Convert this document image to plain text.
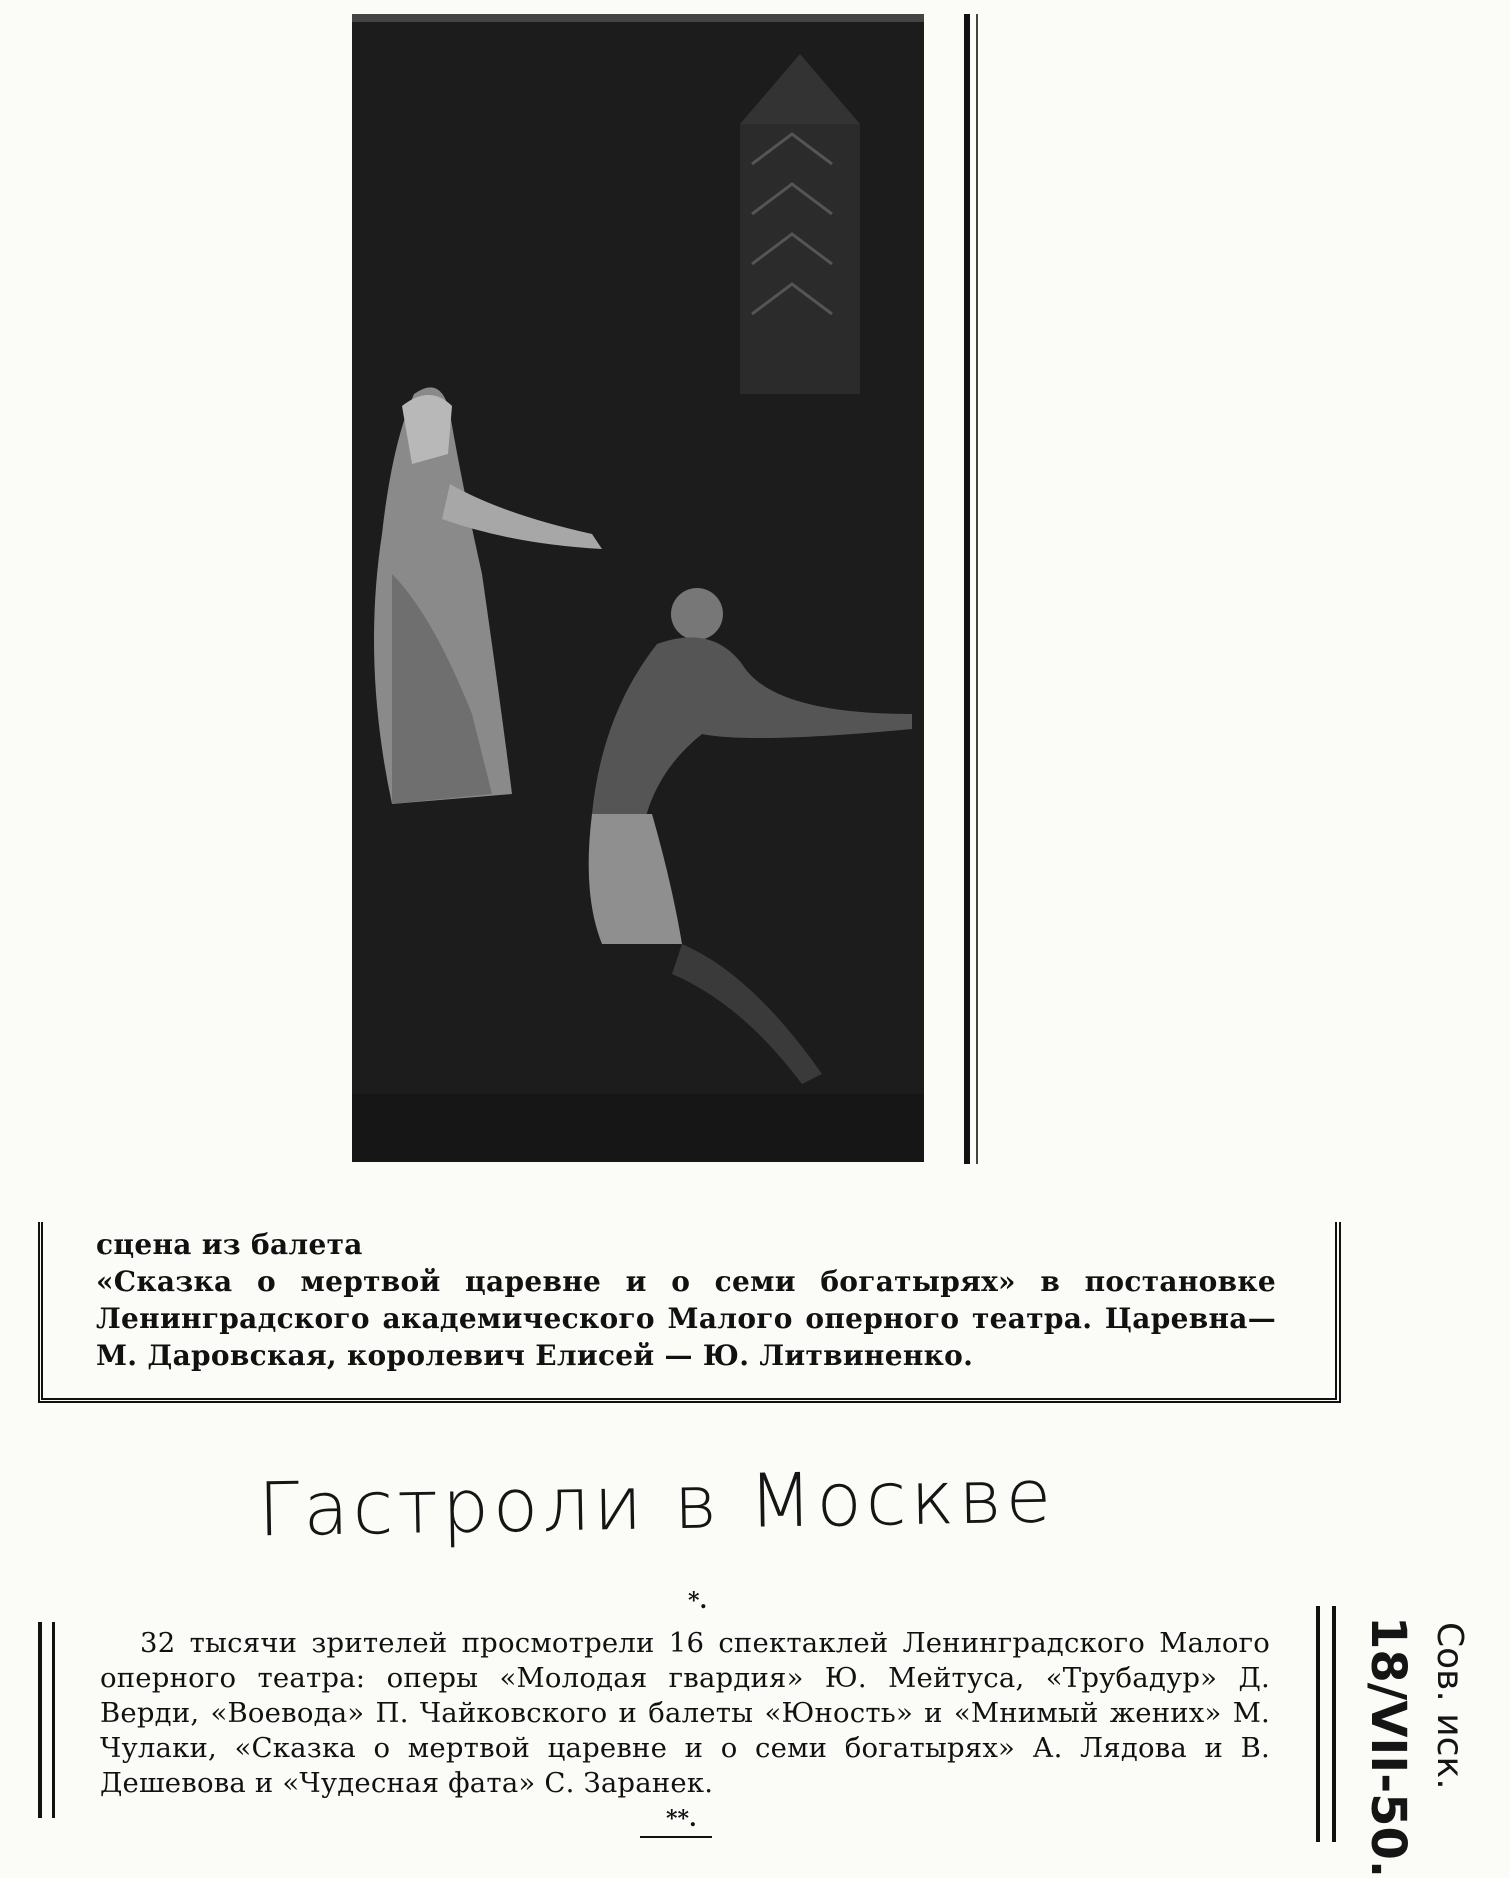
сцена из балета
«Сказка о мертвой царевне и о семи богатырях» в постановке Ленинградского академического Малого оперного театра. Царевна—М. Даровская, королевич Елисей — Ю. Литвиненко.
Гастроли в Москве
*.
32 тысячи зрителей просмотрели 16 спектаклей Ленинградского Малого оперного театра: оперы «Молодая гвардия» Ю. Мейтуса, «Трубадур» Д. Верди, «Воевода» П. Чайковского и балеты «Юность» и «Мнимый жених» М. Чулаки, «Сказка о мертвой царевне и о семи богатырях» А. Лядова и В. Дешевова и «Чудесная фата» С. Заранек.
**.
Сов. иск.
18/VII-50.
